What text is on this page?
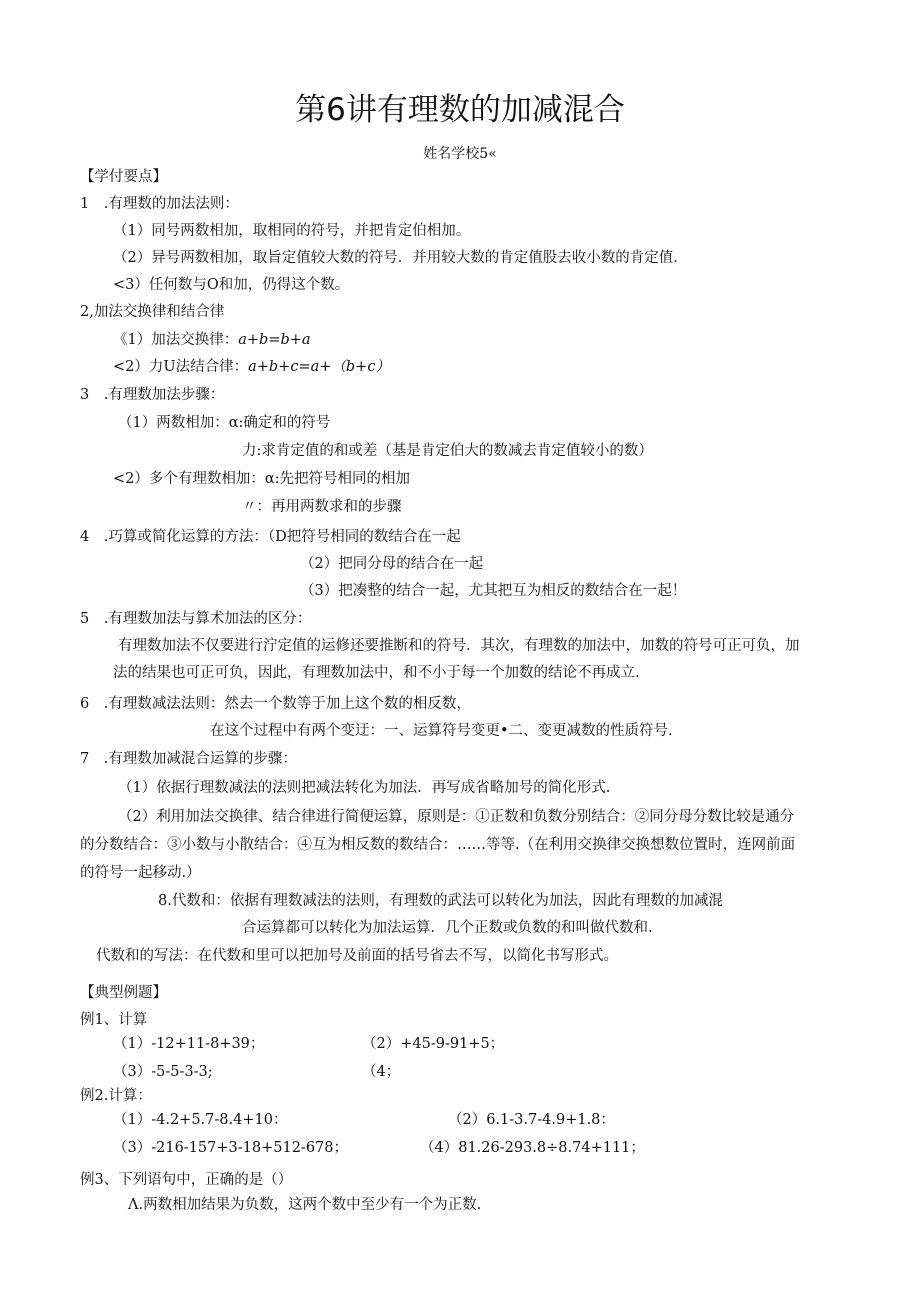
第6讲有理数的加减混合
姓名学校5«
【学付要点】
1　.有理数的加法法则：
（1）同号两数相加，取相同的符号，并把肯定伯相加。
（2）异号两数相加，取旨定值较大数的符号．并用较大数的肯定值股去收小数的肯定值.
<3）任何数与O和加，仍得这个数。
2,加法交换律和结合律
《1）加法交换律：a+b=b+a
<2）力U法结合律：a+b+c=a+（b+c）
3　.有理数加法步骤：
（1）两数相加：α:确定和的符号
力:求肯定值的和或差（基是肯定伯大的数减去肯定值较小的数）
<2）多个有理数相加：α:先把符号相同的相加
〃：再用两数求和的步骤
4　.巧算或简化运算的方法：（D把符号相同的数结合在一起
（2）把同分母的结合在一起
（3）把凑整的结合一起，尤其把互为相反的数结合在一起！
5　.有理数加法与算术加法的区分：
有理数加法不仅要进行泞定值的运修还要推断和的符号．其次，有理数的加法中，加数的符号可正可负，加
法的结果也可正可负，因此，有理数加法中，和不小于每一个加数的结论不再成立.
6　.有理数减法法则：然去一个数等于加上这个数的相反数，
在这个过程中有两个变迂：一、运算符号变更•二、变更减数的性质符号.
7　.有理数加减混合运算的步骤：
（1）依据行理数减法的法则把减法转化为加法．再写成省略加号的简化形式.
（2）利用加法交换律、结合律进行简便运算，原则是：①正数和负数分别结合：②同分母分数比较是通分
的分数结合：③小数与小散结合：④互为相反数的数结合：……等等.（在利用交换律交换想数位置时，连网前面
的符号一起移动.）
8.代数和：依据有理数减法的法则，有理数的武法可以转化为加法，因此有理数的加减混
合运算都可以转化为加法运算．几个正数或负数的和叫做代数和.
代数和的写法：在代数和里可以把加号及前面的括号省去不写，以简化书写形式。
【典型例题】
例1、计算
（1）-12+11-8+39；	（2）+45-9-91+5；
（3）-5-5-3-3;	（4；
例2.计算：
（1）-4.2+5.7-8.4+10：	（2）6.1-3.7-4.9+1.8：
（3）-216-157+3-18+512-678；	（4）81.26-293.8÷8.74+111；
例3、下列语句中，正确的是（）
Λ.两数相加结果为负数，这两个数中至少有一个为正数.
